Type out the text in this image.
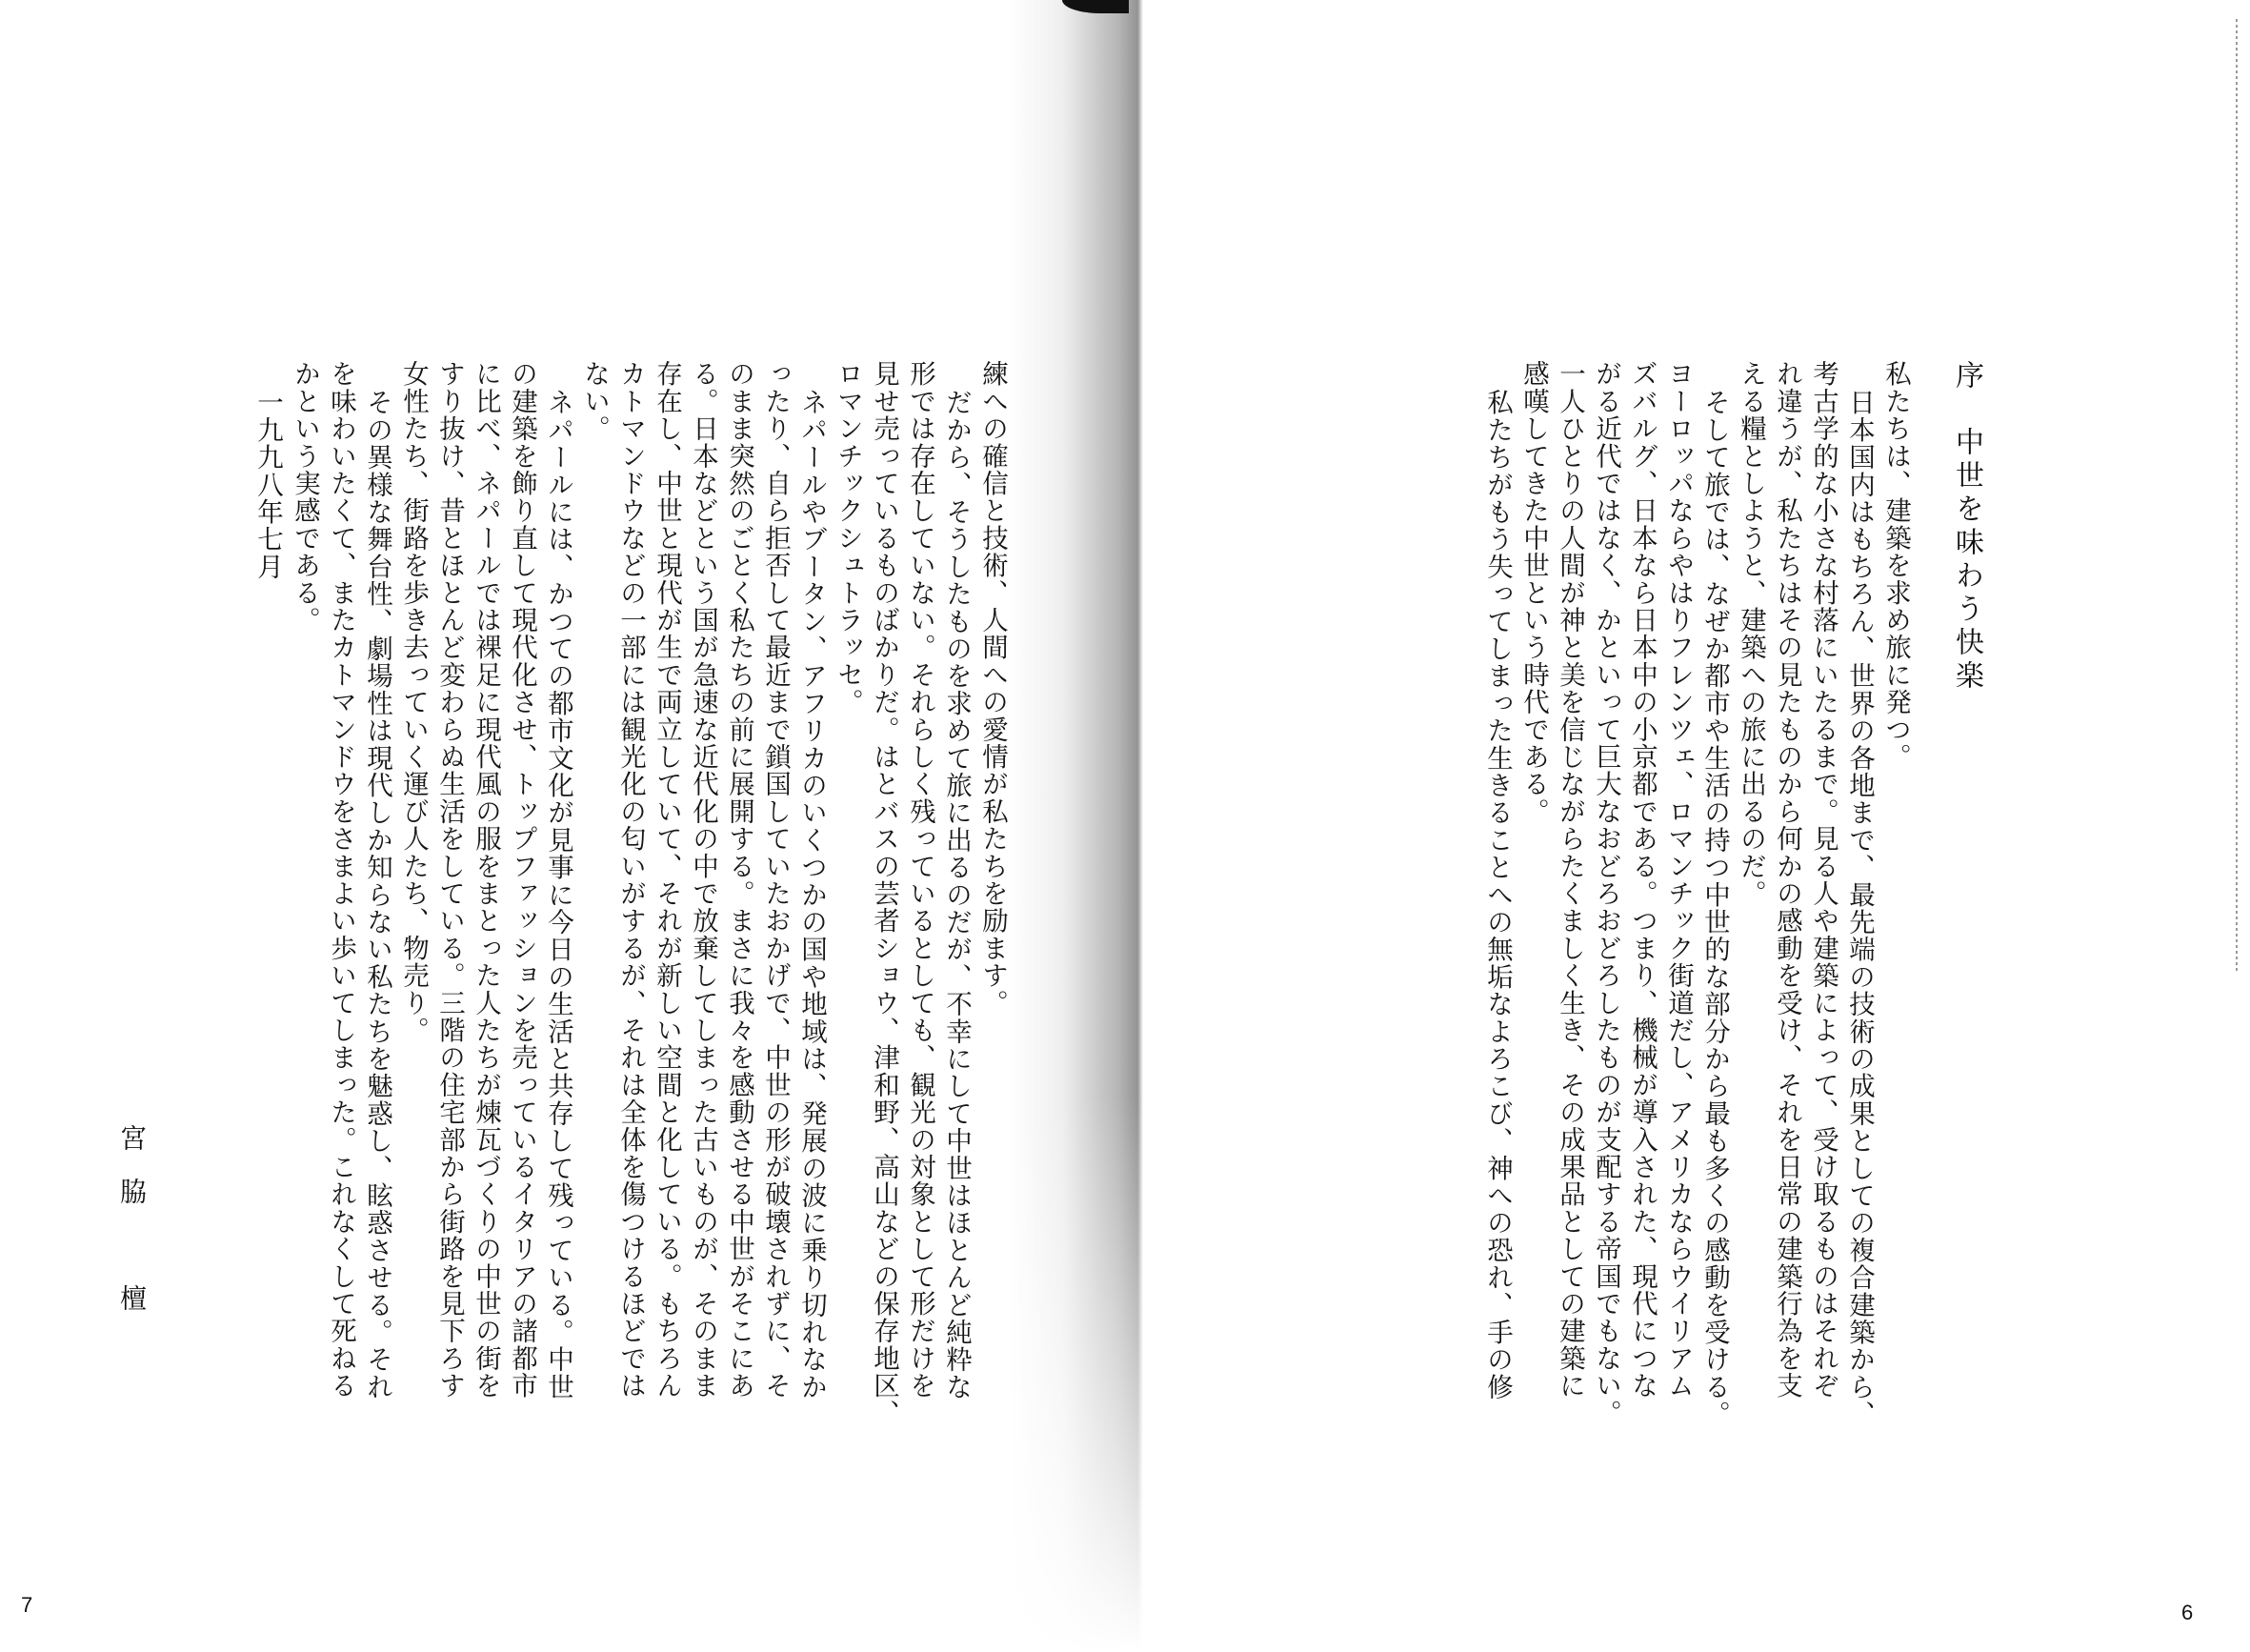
序　中世を味わう快楽
私たちは、建築を求め旅に発つ。
日本国内はもちろん、世界の各地まで、最先端の技術の成果としての複合建築から、
考古学的な小さな村落にいたるまで。見る人や建築によって、受け取るものはそれぞ
れ違うが、私たちはその見たものから何かの感動を受け、それを日常の建築行為を支
える糧としようと、建築への旅に出るのだ。
そして旅では、なぜか都市や生活の持つ中世的な部分から最も多くの感動を受ける。
ヨーロッパならやはりフレンツェ、ロマンチック街道だし、アメリカならウイリアム
ズバルグ、日本なら日本中の小京都である。つまり、機械が導入された、現代につな
がる近代ではなく、かといって巨大なおどろおどろしたものが支配する帝国でもない。
一人ひとりの人間が神と美を信じながらたくましく生き、その成果品としての建築に
感嘆してきた中世という時代である。
私たちがもう失ってしまった生きることへの無垢なよろこび、神への恐れ、手の修
6
練への確信と技術、人間への愛情が私たちを励ます。
だから、そうしたものを求めて旅に出るのだが、不幸にして中世はほとんど純粋な
形では存在していない。それらしく残っているとしても、観光の対象として形だけを
見せ売っているものばかりだ。はとバスの芸者ショウ、津和野、高山などの保存地区、
ロマンチックシュトラッセ。
ネパールやブータン、アフリカのいくつかの国や地域は、発展の波に乗り切れなか
ったり、自ら拒否して最近まで鎖国していたおかげで、中世の形が破壊されずに、そ
のまま突然のごとく私たちの前に展開する。まさに我々を感動させる中世がそこにあ
る。日本などという国が急速な近代化の中で放棄してしまった古いものが、そのまま
存在し、中世と現代が生で両立していて、それが新しい空間と化している。もちろん
カトマンドウなどの一部には観光化の匂いがするが、それは全体を傷つけるほどでは
ない。
ネパールには、かつての都市文化が見事に今日の生活と共存して残っている。中世
の建築を飾り直して現代化させ、トップファッションを売っているイタリアの諸都市
に比べ、ネパールでは裸足に現代風の服をまとった人たちが煉瓦づくりの中世の街を
すり抜け、昔とほとんど変わらぬ生活をしている。三階の住宅部から街路を見下ろす
女性たち、街路を歩き去っていく運び人たち、物売り。
その異様な舞台性、劇場性は現代しか知らない私たちを魅惑し、眩惑させる。それ
を味わいたくて、またカトマンドウをさまよい歩いてしまった。これなくして死ねる
かという実感である。
一九九八年七月
宮脇　檀
7
